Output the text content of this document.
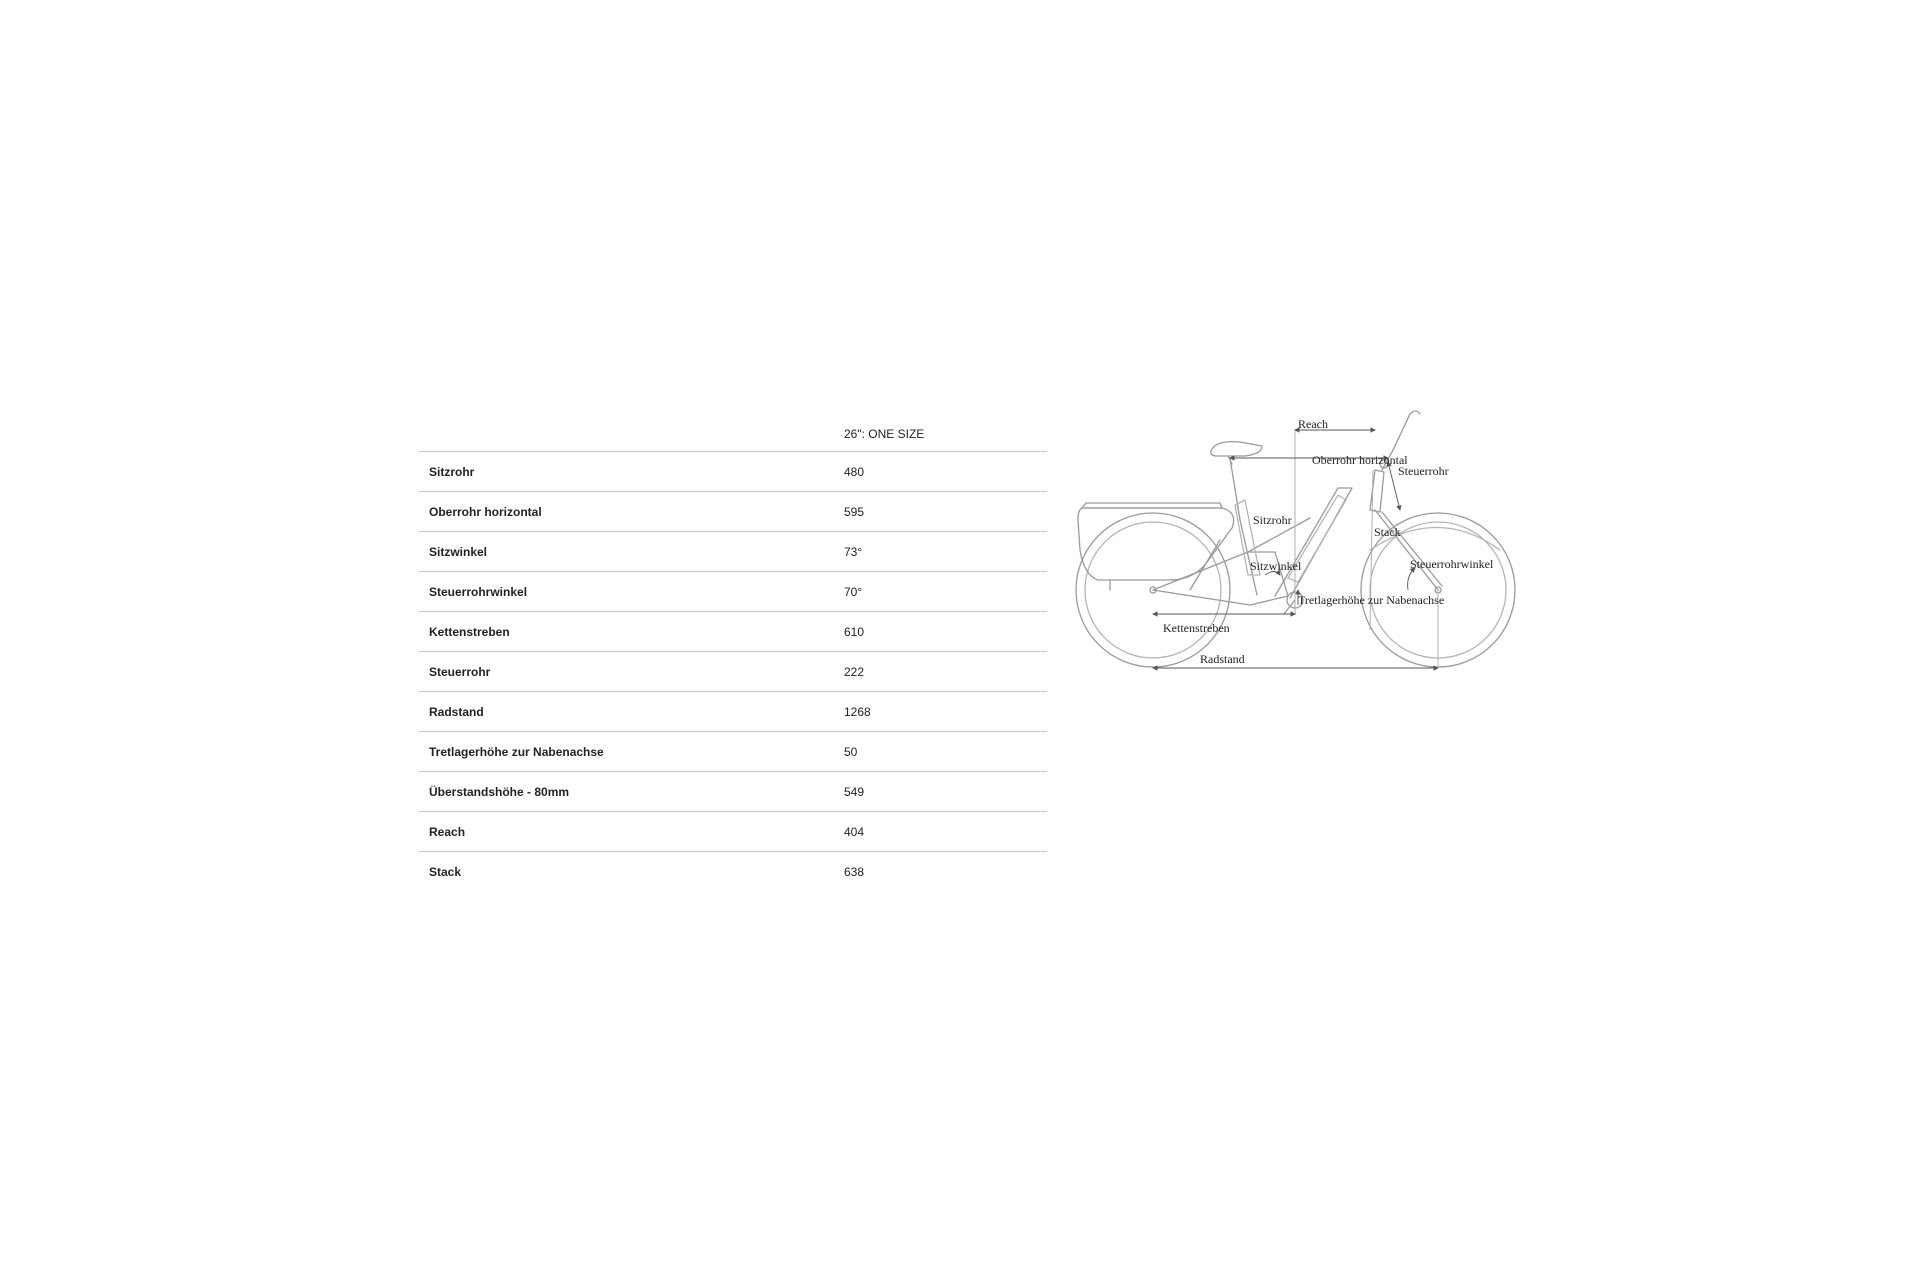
	26": ONE SIZE
Sitzrohr	480
Oberrohr horizontal	595
Sitzwinkel	73°
Steuerrohrwinkel	70°
Kettenstreben	610
Steuerrohr	222
Radstand	1268
Tretlagerhöhe zur Nabenachse	50
Überstandshöhe - 80mm	549
Reach	404
Stack	638
Reach
Oberrohr horizontal
Steuerrohr
Sitzrohr
Stack
Sitzwinkel	Steuerrohrwinkel
Tretlagerhöhe zur Nabenachse
Kettenstreben
Radstand
